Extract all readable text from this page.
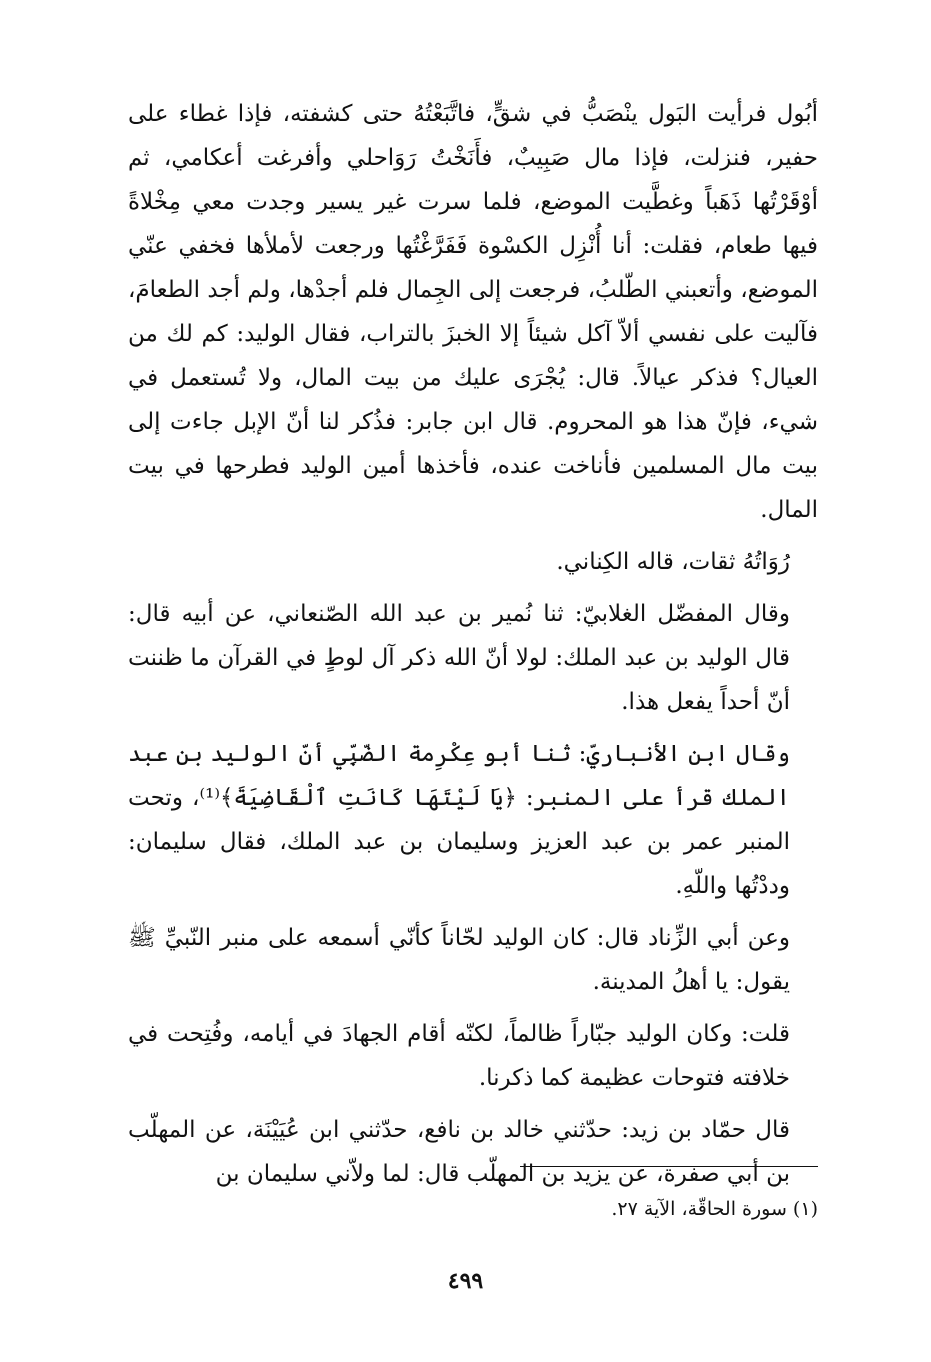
أبُول فرأيت البَول ينْصَبُّ في شقٍّ، فاتَّبَعْتُهُ حتى كشفته، فإذا غطاء على حفير، فنزلت، فإذا مال صَبِيبٌ، فأَنَخْتُ رَوَاحلي وأفرغت أعكامي، ثم أوْقَرْتُها ذَهَباً وغطَّيت الموضع، فلما سرت غير يسير وجدت معي مِخْلاةً فيها طعام، فقلت: أنا أُنْزِل الكسْوة فَفَرَّغْتُها ورجعت لأملأها فخفي عنّي الموضع، وأتعبني الطّلبُ، فرجعت إلى الجِمال فلم أجدْها، ولم أجد الطعامَ، فآليت على نفسي ألاّ آكل شيئاً إلا الخبزَ بالتراب، فقال الوليد: كم لك من العيال؟ فذكر عيالاً. قال: يُجْرَى عليك من بيت المال، ولا تُستعمل في شيء، فإنّ هذا هو المحروم. قال ابن جابر: فذُكر لنا أنّ الإبل جاءت إلى بيت مال المسلمين فأناخت عنده، فأخذها أمين الوليد فطرحها في بيت المال.

رُوَاتُهُ ثقات، قاله الكِناني.

وقال المفضّل الغلابيّ: ثنا نُمير بن عبد الله الصّنعاني، عن أبيه قال: قال الوليد بن عبد الملك: لولا أنّ الله ذكر آل لوطٍ في القرآن ما ظننت أنّ أحداً يفعل هذا.

وقال ابن الأنباريّ: ثنا أبو عِكْرِمة الضّبِّي أنّ الوليد بن عبد الملك قرأ على المنبر: ﴿يَا لَيْتَهَا كَانَتِ ٱلْقَاضِيَةَ﴾⁽¹⁾، وتحت المنبر عمر بن عبد العزيز وسليمان بن عبد الملك، فقال سليمان: وددْتُها واللّهِ.

وعن أبي الزِّناد قال: كان الوليد لحّاناً كأنّي أسمعه على منبر النّبيِّ ﷺ يقول: يا أهلُ المدينة.

قلت: وكان الوليد جبّاراً ظالماً، لكنّه أقام الجهادَ في أيامه، وفُتِحت في خلافته فتوحات عظيمة كما ذكرنا.

قال حمّاد بن زيد: حدّثني خالد بن نافع، حدّثني ابن عُيَيْنَة، عن المهلّب بن أبي صفرة، عن يزيد بن المهلّب قال: لما ولاّني سليمان بن

(١) سورة الحاقّة، الآية ٢٧.
٤٩٩
